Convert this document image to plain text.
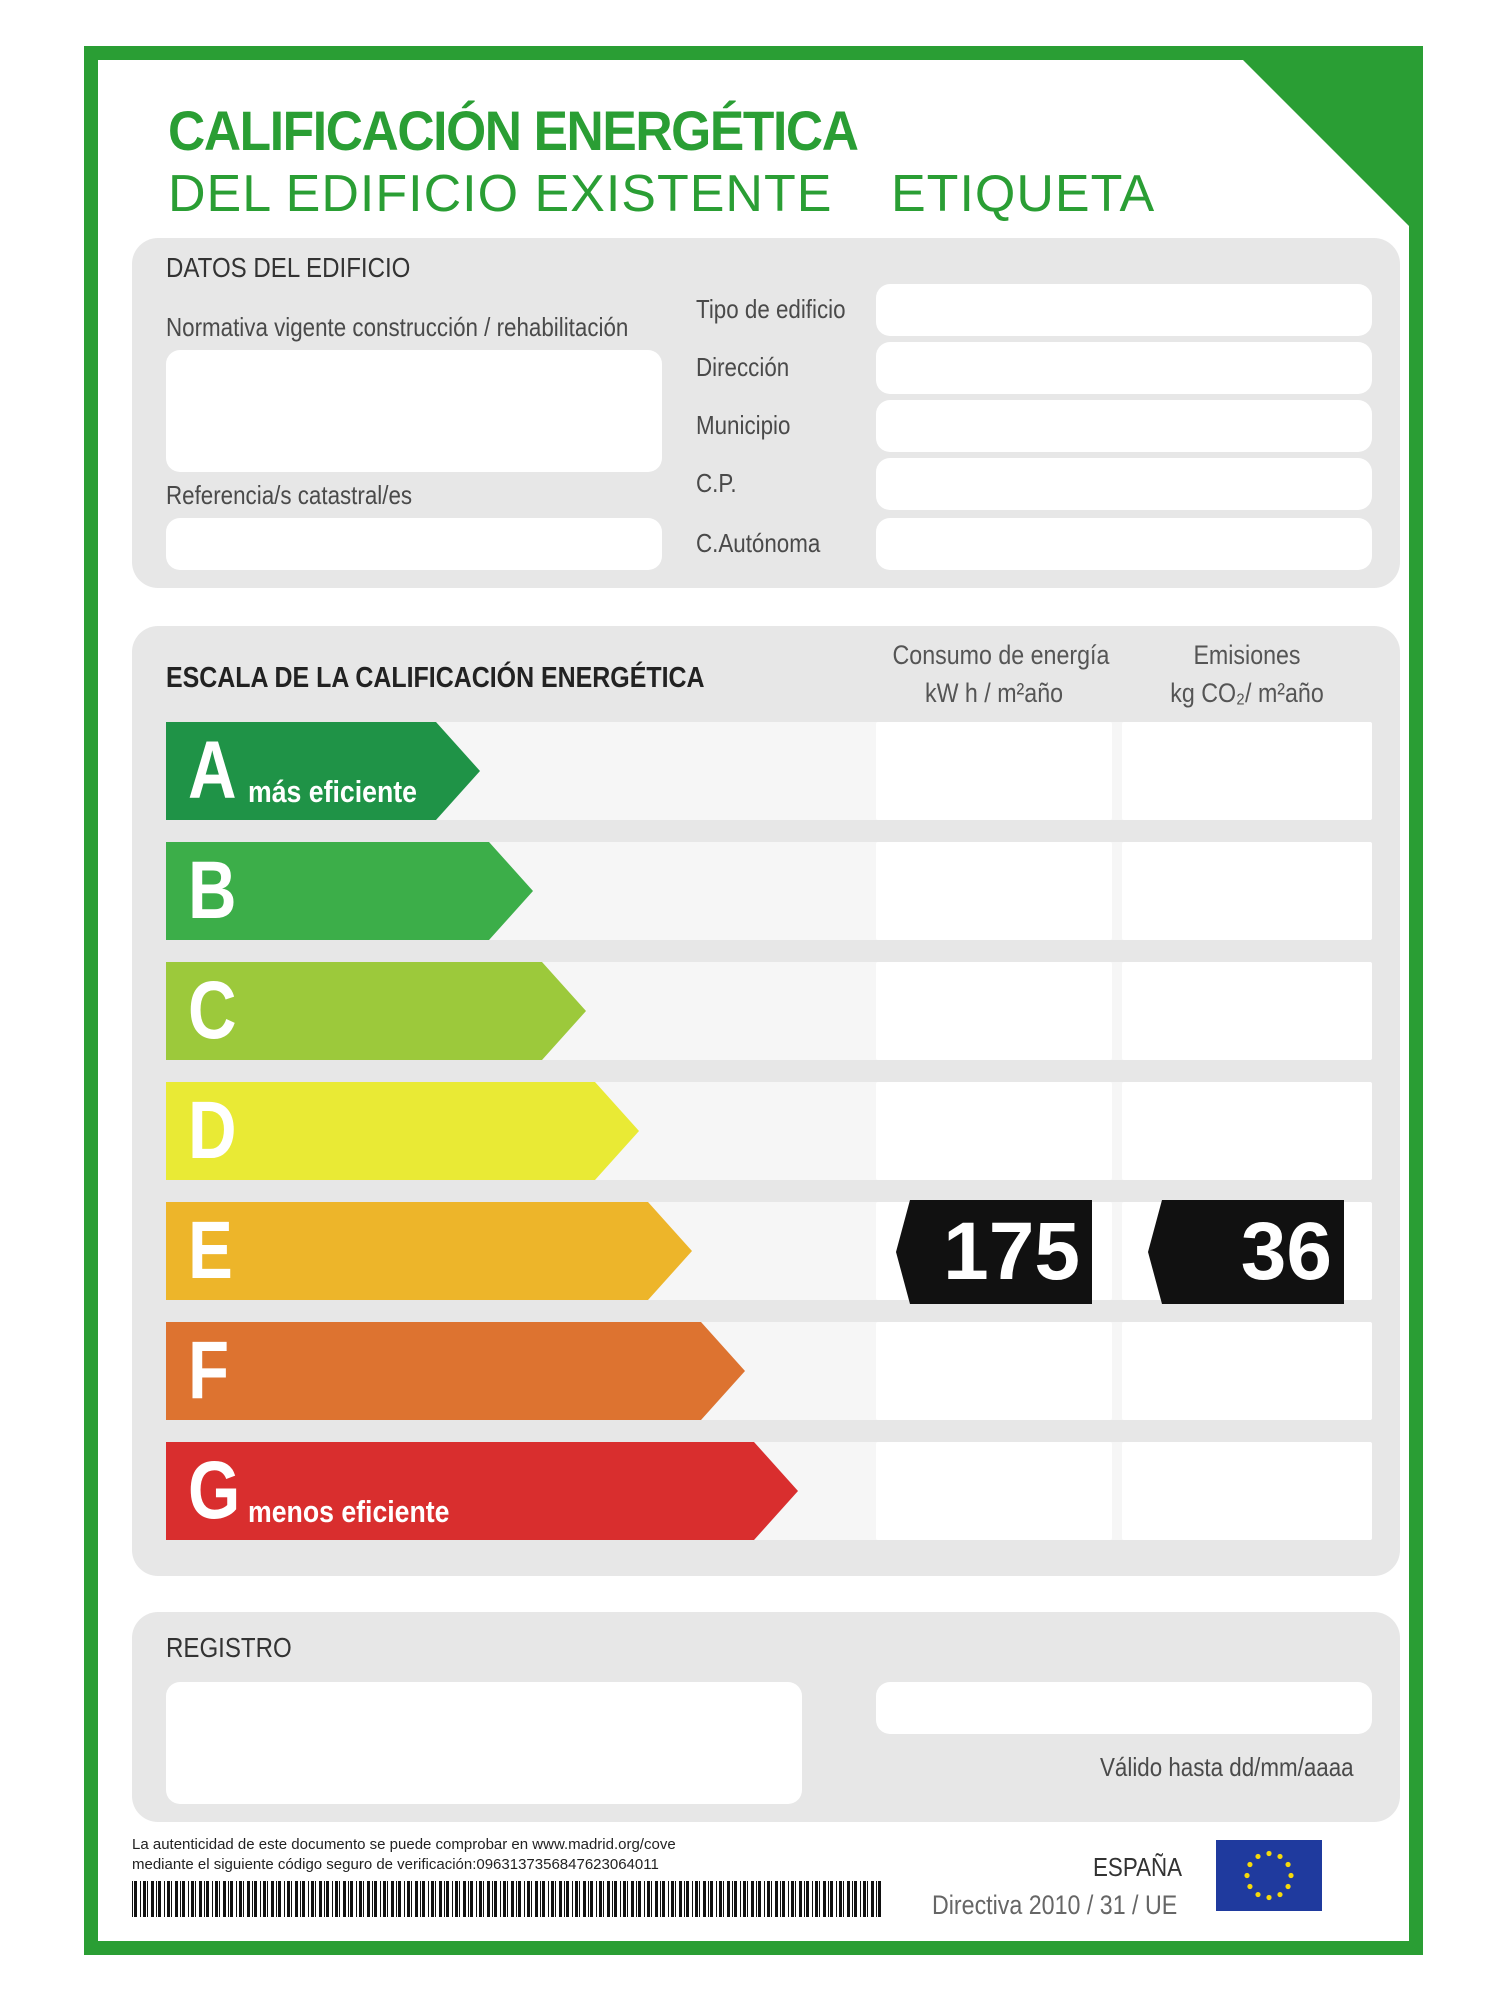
CALIFICACIÓN ENERGÉTICA
DEL EDIFICIO EXISTENTE ETIQUETA
DATOS DEL EDIFICIO
Normativa vigente construcción / rehabilitación
Referencia/s catastral/es
Tipo de edificio
Dirección
Municipio
C.P.
C.Autónoma
ESCALA DE LA CALIFICACIÓN ENERGÉTICA
Consumo de energía
kW h / m²año
Emisiones
kg CO₂/ m²año
A más eficiente
B
C
D
E	175 36
F
G menos eficiente
REGISTRO
Válido hasta dd/mm/aaaa
La autenticidad de este documento se puede comprobar en www.madrid.org/cove
mediante el siguiente código seguro de verificación:0963137356847623064011	ESPAÑA
Directiva 2010 / 31 / UE
